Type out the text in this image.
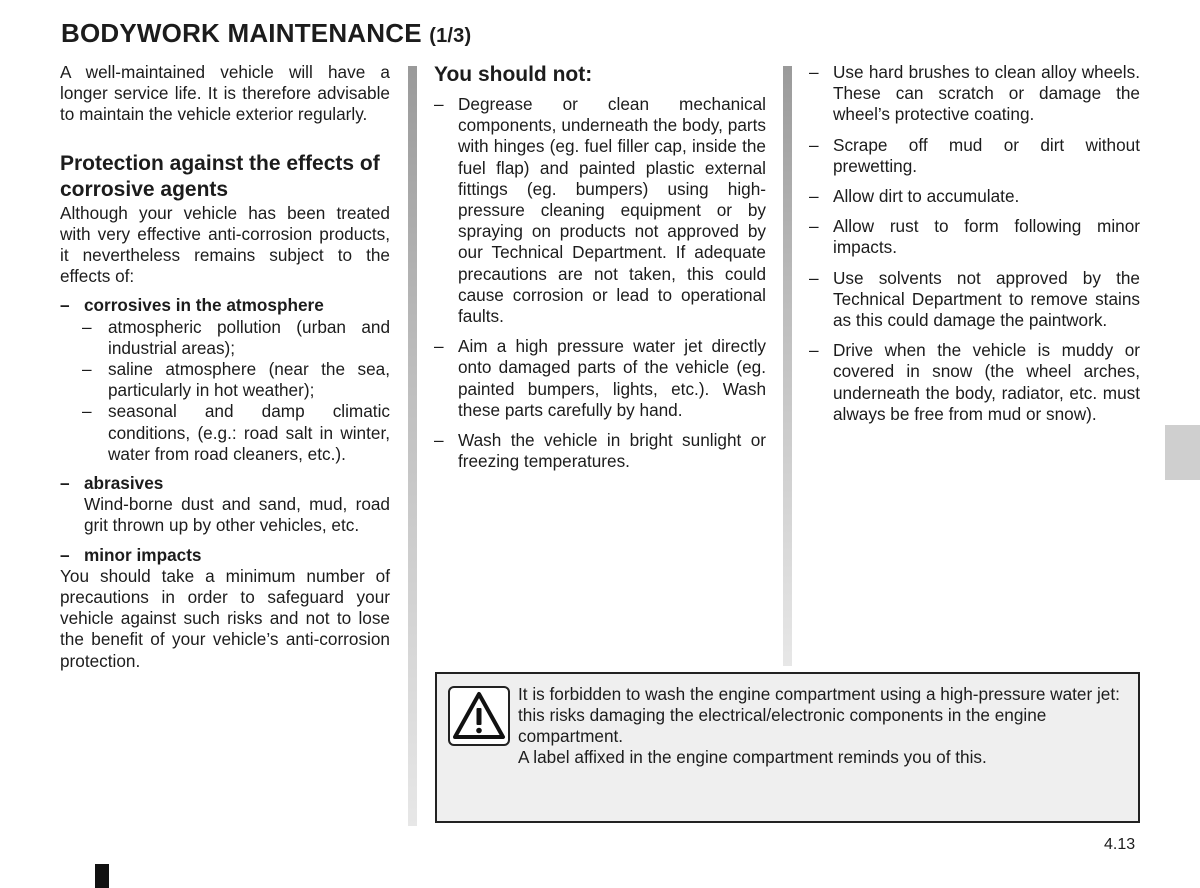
BODYWORK MAINTENANCE (1/3)

A well-maintained vehicle will have a longer service life. It is therefore advisable to maintain the vehicle exterior regularly.

Protection against the effects of corrosive agents

Although your vehicle has been treated with very effective anti-corrosion products, it nevertheless remains subject to the effects of:

– corrosives in the atmosphere
– atmospheric pollution (urban and industrial areas);
– saline atmosphere (near the sea, particularly in hot weather);
– seasonal and damp climatic conditions, (e.g.: road salt in winter, water from road cleaners, etc.).
– abrasives
Wind-borne dust and sand, mud, road grit thrown up by other vehicles, etc.
– minor impacts

You should take a minimum number of precautions in order to safeguard your vehicle against such risks and not to lose the benefit of your vehicle’s anti-corrosion protection.

You should not:
– Degrease or clean mechanical components, underneath the body, parts with hinges (eg. fuel filler cap, inside the fuel flap) and painted plastic external fittings (eg. bumpers) using high-pressure cleaning equipment or by spraying on products not approved by our Technical Department. If adequate precautions are not taken, this could cause corrosion or lead to operational faults.
– Aim a high pressure water jet directly onto damaged parts of the vehicle (eg. painted bumpers, lights, etc.). Wash these parts carefully by hand.
– Wash the vehicle in bright sunlight or freezing temperatures.
– Use hard brushes to clean alloy wheels. These can scratch or damage the wheel’s protective coating.
– Scrape off mud or dirt without prewetting.
– Allow dirt to accumulate.
– Allow rust to form following minor impacts.
– Use solvents not approved by the Technical Department to remove stains as this could damage the paintwork.
– Drive when the vehicle is muddy or covered in snow (the wheel arches, underneath the body, radiator, etc. must always be free from mud or snow).
It is forbidden to wash the engine compartment using a high-pressure water jet: this risks damaging the electrical/electronic components in the engine compartment.
A label affixed in the engine compartment reminds you of this.
4.13
